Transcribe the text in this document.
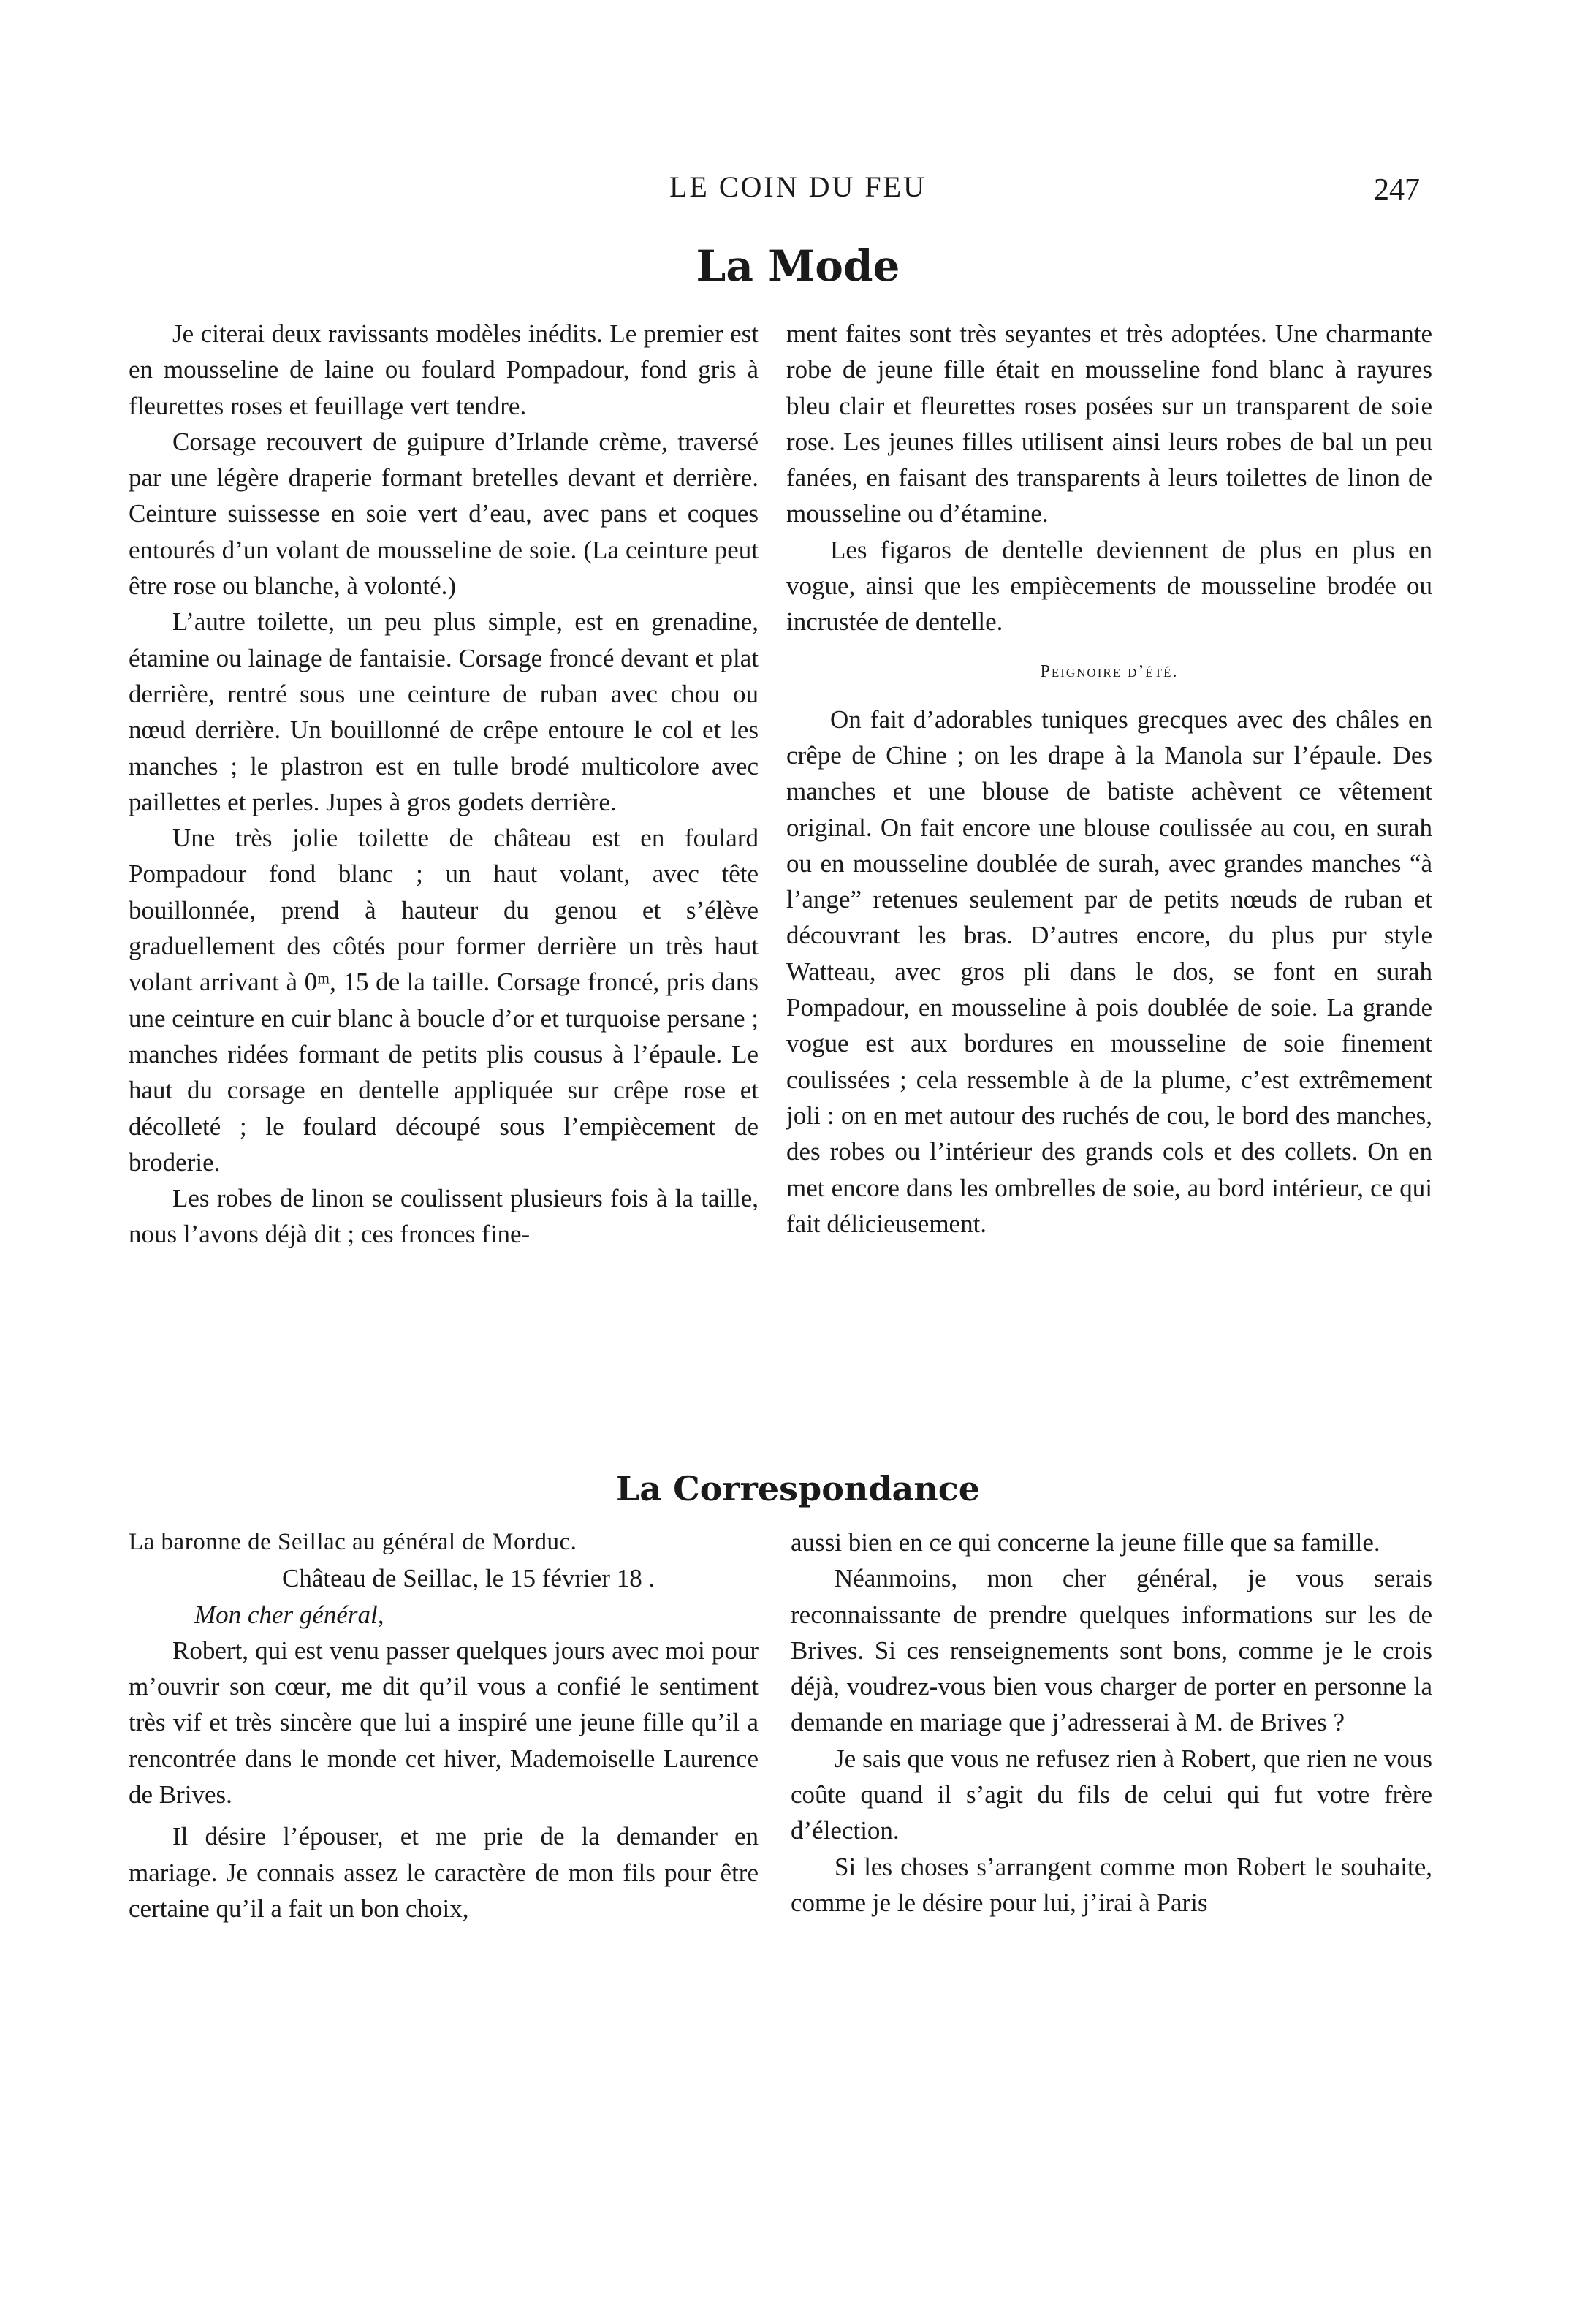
LE COIN DU FEU	247
La Mode

Je citerai deux ravissants modèles inédits. Le premier est en mousseline de laine ou foulard Pompadour, fond gris à fleurettes roses et feuillage vert tendre.

Corsage recouvert de guipure d’Irlande crème, traversé par une légère draperie formant bretelles devant et derrière. Ceinture suissesse en soie vert d’eau, avec pans et coques entourés d’un volant de mousseline de soie. (La ceinture peut être rose ou blanche, à volonté.)

L’autre toilette, un peu plus simple, est en grenadine, étamine ou lainage de fantaisie. Corsage froncé devant et plat derrière, rentré sous une ceinture de ruban avec chou ou nœud derrière. Un bouillonné de crêpe entoure le col et les manches ; le plastron est en tulle brodé multicolore avec paillettes et perles. Jupes à gros godets derrière.

Une très jolie toilette de château est en foulard Pompadour fond blanc ; un haut volant, avec tête bouillonnée, prend à hauteur du genou et s’élève graduellement des côtés pour former derrière un très haut volant arrivant à 0ᵐ, 15 de la taille. Corsage froncé, pris dans une ceinture en cuir blanc à boucle d’or et turquoise persane ; manches ridées formant de petits plis cousus à l’épaule. Le haut du corsage en dentelle appliquée sur crêpe rose et décolleté ; le foulard découpé sous l’empiècement de broderie.

Les robes de linon se coulissent plusieurs fois à la taille, nous l’avons déjà dit ; ces fronces fine-

ment faites sont très seyantes et très adoptées. Une charmante robe de jeune fille était en mousseline fond blanc à rayures bleu clair et fleurettes roses posées sur un transparent de soie rose. Les jeunes filles utilisent ainsi leurs robes de bal un peu fanées, en faisant des transparents à leurs toilettes de linon de mousseline ou d’étamine.

Les figaros de dentelle deviennent de plus en plus en vogue, ainsi que les empiècements de mousseline brodée ou incrustée de dentelle.

Peignoire d’été.

On fait d’adorables tuniques grecques avec des châles en crêpe de Chine ; on les drape à la Manola sur l’épaule. Des manches et une blouse de batiste achèvent ce vêtement original. On fait encore une blouse coulissée au cou, en surah ou en mousseline doublée de surah, avec grandes manches “à l’ange” retenues seulement par de petits nœuds de ruban et découvrant les bras. D’autres encore, du plus pur style Watteau, avec gros pli dans le dos, se font en surah Pompadour, en mousseline à pois doublée de soie. La grande vogue est aux bordures en mousseline de soie finement coulissées ; cela ressemble à de la plume, c’est extrêmement joli : on en met autour des ruchés de cou, le bord des manches, des robes ou l’intérieur des grands cols et des collets. On en met encore dans les ombrelles de soie, au bord intérieur, ce qui fait délicieusement.

La Correspondance

La baronne de Seillac au général de Morduc.

Château de Seillac, le 15 février 18 .

Mon cher général,

Robert, qui est venu passer quelques jours avec moi pour m’ouvrir son cœur, me dit qu’il vous a confié le sentiment très vif et très sincère que lui a inspiré une jeune fille qu’il a rencontrée dans le monde cet hiver, Mademoiselle Laurence de Brives.

Il désire l’épouser, et me prie de la demander en mariage. Je connais assez le caractère de mon fils pour être certaine qu’il a fait un bon choix,

aussi bien en ce qui concerne la jeune fille que sa famille.

Néanmoins, mon cher général, je vous serais reconnaissante de prendre quelques informations sur les de Brives. Si ces renseignements sont bons, comme je le crois déjà, voudrez-vous bien vous charger de porter en personne la demande en mariage que j’adresserai à M. de Brives ?

Je sais que vous ne refusez rien à Robert, que rien ne vous coûte quand il s’agit du fils de celui qui fut votre frère d’élection.

Si les choses s’arrangent comme mon Robert le souhaite, comme je le désire pour lui, j’irai à Paris
